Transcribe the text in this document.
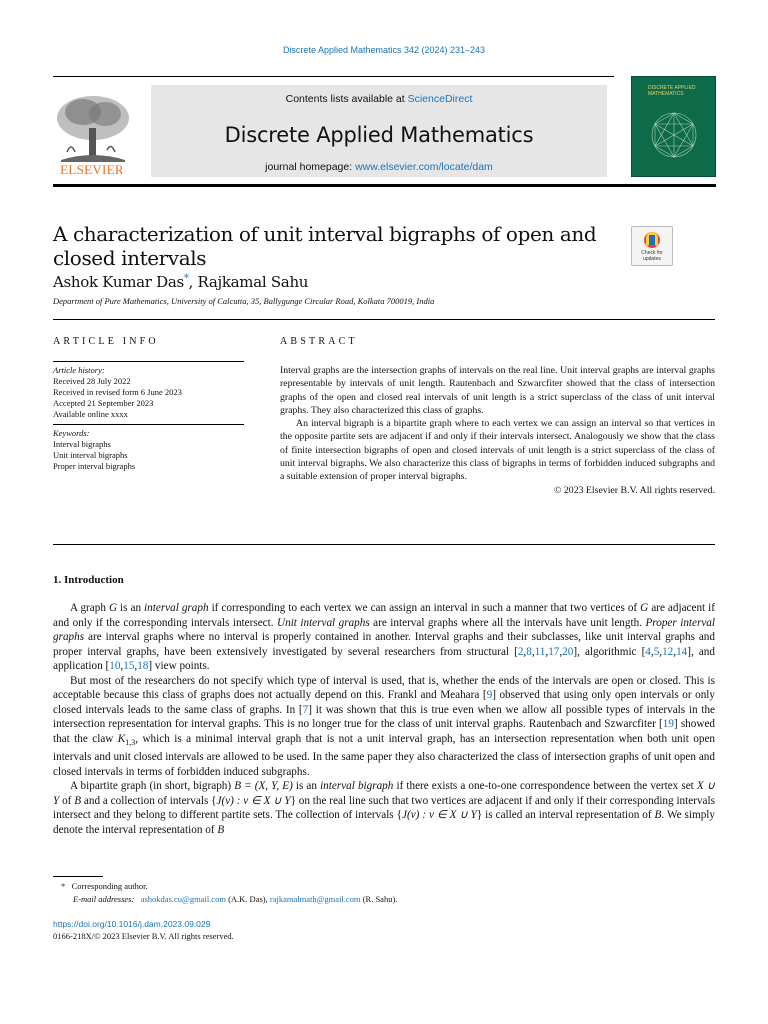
Discrete Applied Mathematics 342 (2024) 231–243
ELSEVIER
Contents lists available at ScienceDirect
Discrete Applied Mathematics
journal homepage: www.elsevier.com/locate/dam
DISCRETE APPLIED MATHEMATICS
A characterization of unit interval bigraphs of open and closed intervals	Check for updates
Ashok Kumar Das*, Rajkamal Sahu
Department of Pure Mathematics, University of Calcutta, 35, Ballygunge Circular Road, Kolkata 700019, India
ARTICLE INFO	ABSTRACT
Article history:
Received 28 July 2022
Received in revised form 6 June 2023
Accepted 21 September 2023
Available online xxxx
Keywords:
Interval bigraphs
Unit interval bigraphs
Proper interval bigraphs

Interval graphs are the intersection graphs of intervals on the real line. Unit interval graphs are interval graphs representable by intervals of unit length. Rautenbach and Szwarcfiter showed that the class of intersection graphs of the open and closed real intervals of unit length is a strict superclass of the class of unit interval graphs. They also characterized this class of graphs.

An interval bigraph is a bipartite graph where to each vertex we can assign an interval so that vertices in the opposite partite sets are adjacent if and only if their intervals intersect. Analogously we show that the class of finite intersection bigraphs of open and closed intervals of unit length is a strict superclass of the class of unit interval bigraphs. We also characterize this class of bigraphs in terms of forbidden induced subgraphs and a suitable extension of proper interval bigraphs.

© 2023 Elsevier B.V. All rights reserved.

1. Introduction

A graph G is an interval graph if corresponding to each vertex we can assign an interval in such a manner that two vertices of G are adjacent if and only if the corresponding intervals intersect. Unit interval graphs are interval graphs where all the intervals have unit length. Proper interval graphs are interval graphs where no interval is properly contained in another. Interval graphs and their subclasses, like unit interval graphs and proper interval graphs, have been extensively investigated by several researchers from structural [2,8,11,17,20], algorithmic [4,5,12,14], and application [10,15,18] view points.

But most of the researchers do not specify which type of interval is used, that is, whether the ends of the intervals are open or closed. This is acceptable because this class of graphs does not actually depend on this. Frankl and Meahara [9] observed that using only open intervals or only closed intervals leads to the same class of graphs. In [7] it was shown that this is true even when we allow all possible types of intervals in the intersection representation for interval graphs. This is no longer true for the class of unit interval graphs. Rautenbach and Szwarcfiter [19] showed that the claw $K_{1,3}$, which is a minimal interval graph that is not a unit interval graph, has an intersection representation when both unit open intervals and unit closed intervals are allowed to be used. In the same paper they also characterized the class of intersection graphs of unit open and closed intervals in terms of forbidden induced subgraphs.

A bipartite graph (in short, bigraph) B = (X, Y, E) is an interval bigraph if there exists a one-to-one correspondence between the vertex set X ∪ Y of B and a collection of intervals {J(v) : v ∈ X ∪ Y} on the real line such that two vertices are adjacent if and only if their corresponding intervals intersect and they belong to different partite sets. The collection of intervals {J(v) : v ∈ X ∪ Y} is called an interval representation of B. We simply denote the interval representation of B

* Corresponding author.
E-mail addresses: ashokdas.cu@gmail.com (A.K. Das), rajkamalmath@gmail.com (R. Sahu).
https://doi.org/10.1016/j.dam.2023.09.029
0166-218X/© 2023 Elsevier B.V. All rights reserved.
